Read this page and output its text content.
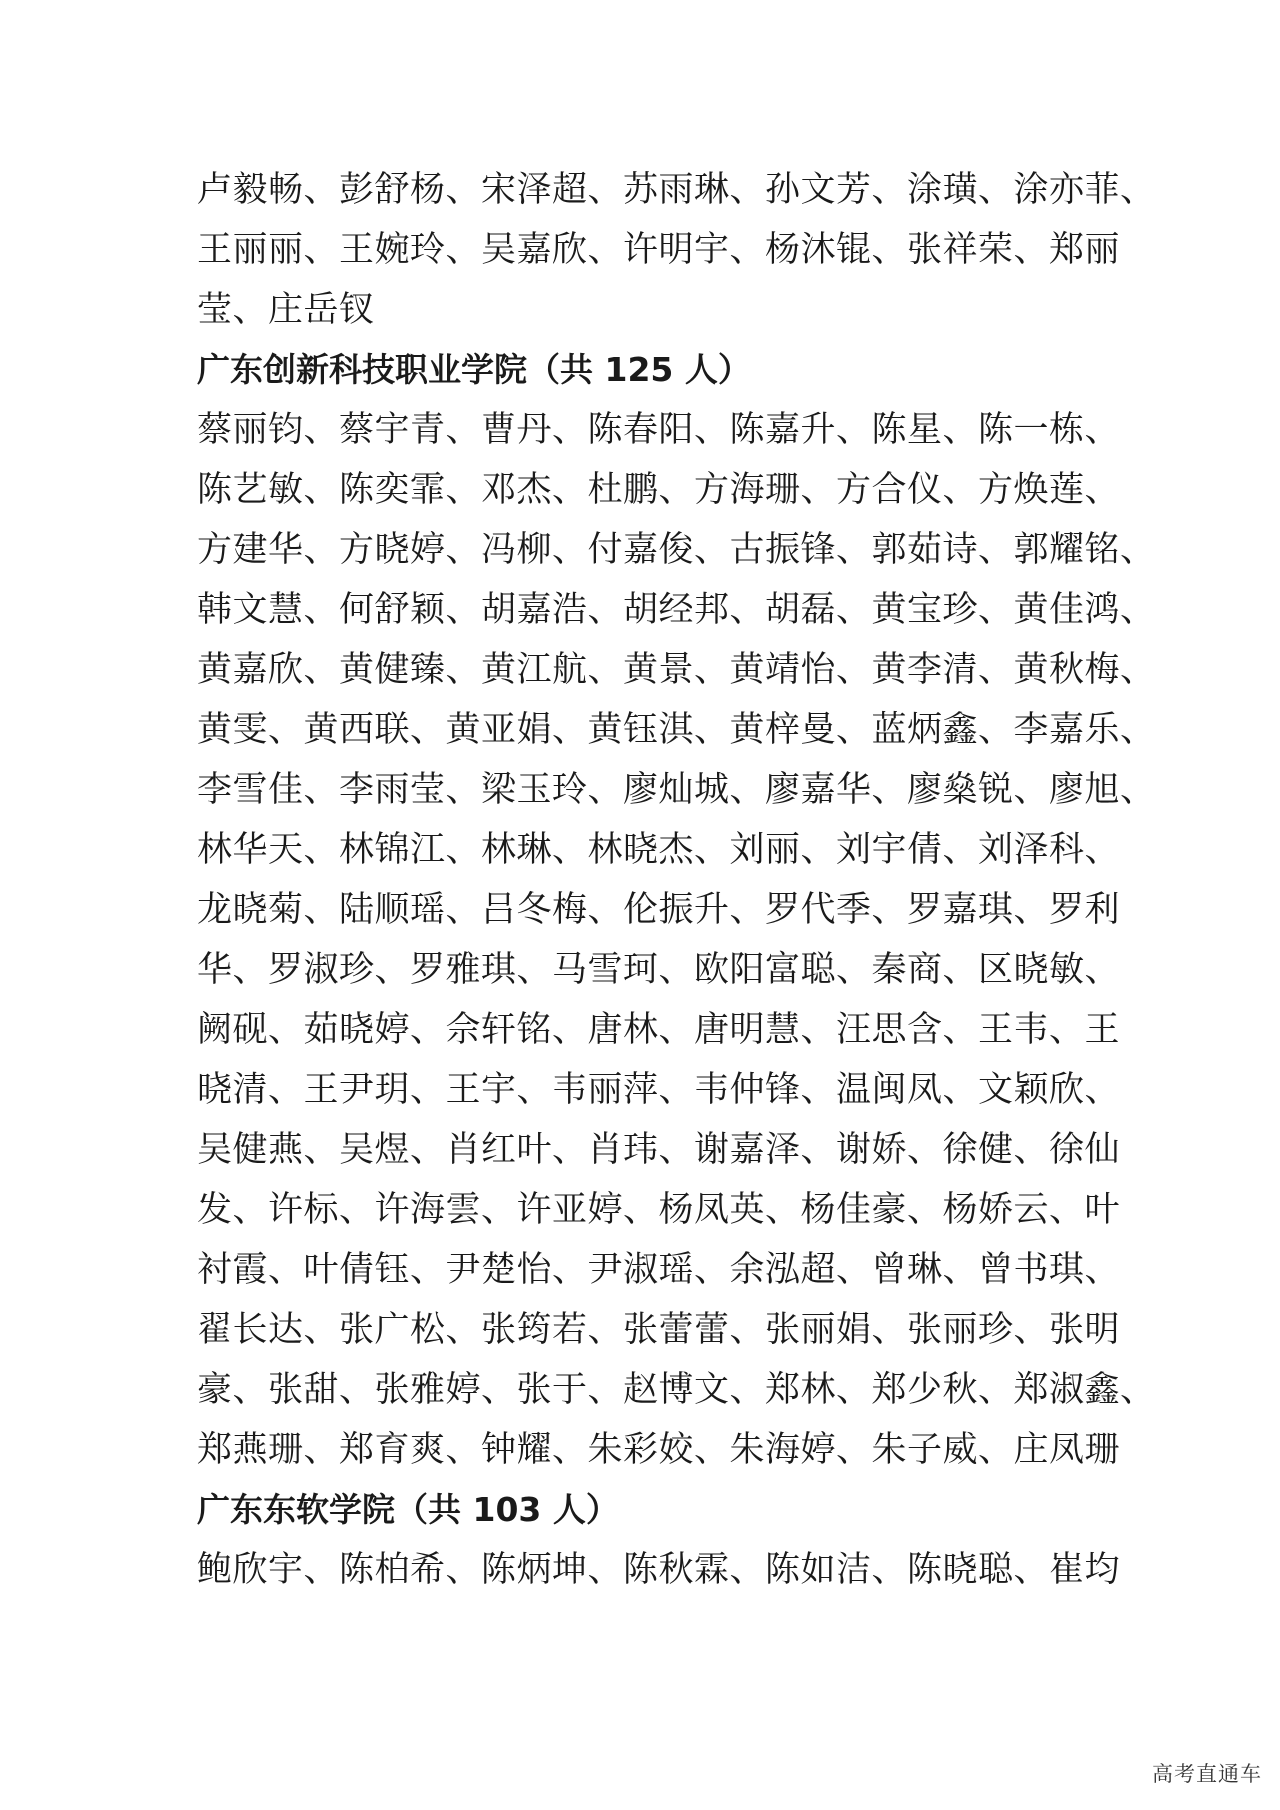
卢毅畅、彭舒杨、宋泽超、苏雨琳、孙文芳、涂璜、涂亦菲、
王丽丽、王婉玲、吴嘉欣、许明宇、杨沐锟、张祥荣、郑丽
莹、庄岳钗
广东创新科技职业学院（共 125 人）
蔡丽钧、蔡宇青、曹丹、陈春阳、陈嘉升、陈星、陈一栋、
陈艺敏、陈奕霏、邓杰、杜鹏、方海珊、方合仪、方焕莲、
方建华、方晓婷、冯柳、付嘉俊、古振锋、郭茹诗、郭耀铭、
韩文慧、何舒颖、胡嘉浩、胡经邦、胡磊、黄宝珍、黄佳鸿、
黄嘉欣、黄健臻、黄江航、黄景、黄靖怡、黄李清、黄秋梅、
黄雯、黄西联、黄亚娟、黄钰淇、黄梓曼、蓝炳鑫、李嘉乐、
李雪佳、李雨莹、梁玉玲、廖灿城、廖嘉华、廖燊锐、廖旭、
林华天、林锦江、林琳、林晓杰、刘丽、刘宇倩、刘泽科、
龙晓菊、陆顺瑶、吕冬梅、伦振升、罗代季、罗嘉琪、罗利
华、罗淑珍、罗雅琪、马雪珂、欧阳富聪、秦商、区晓敏、
阙砚、茹晓婷、佘轩铭、唐林、唐明慧、汪思含、王韦、王
晓清、王尹玥、王宇、韦丽萍、韦仲锋、温闽凤、文颖欣、
吴健燕、吴煜、肖红叶、肖玮、谢嘉泽、谢娇、徐健、徐仙
发、许标、许海雲、许亚婷、杨凤英、杨佳豪、杨娇云、叶
衬霞、叶倩钰、尹楚怡、尹淑瑶、余泓超、曾琳、曾书琪、
翟长达、张广松、张筠若、张蕾蕾、张丽娟、张丽珍、张明
豪、张甜、张雅婷、张于、赵博文、郑林、郑少秋、郑淑鑫、
郑燕珊、郑育爽、钟耀、朱彩姣、朱海婷、朱子威、庄凤珊
广东东软学院（共 103 人）
鲍欣宇、陈柏希、陈炳坤、陈秋霖、陈如洁、陈晓聪、崔均
高考直通车
